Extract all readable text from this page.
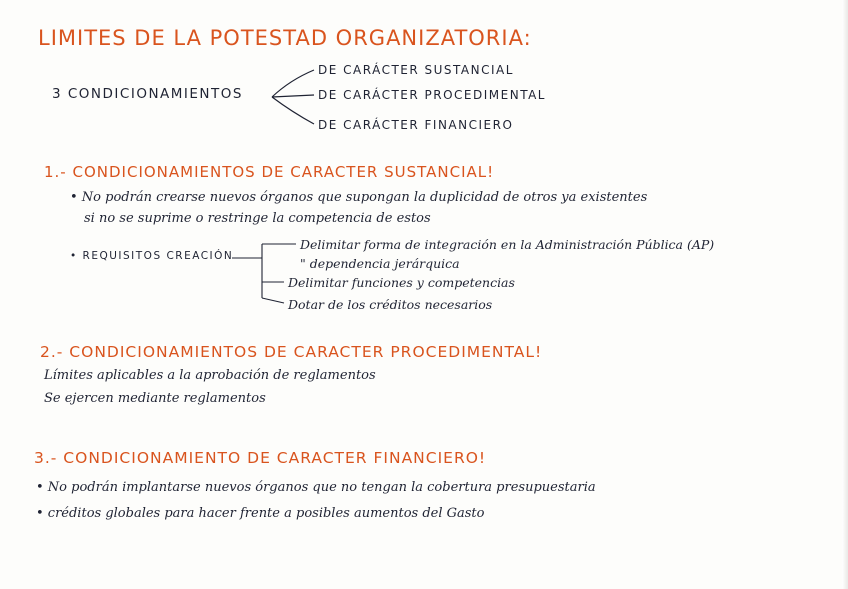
LIMITES DE LA POTESTAD ORGANIZATORIA:
3 CONDICIONAMIENTOS
DE CARÁCTER SUSTANCIAL
DE CARÁCTER PROCEDIMENTAL
DE CARÁCTER FINANCIERO
1.- CONDICIONAMIENTOS DE CARACTER SUSTANCIAL!
• No podrán crearse nuevos órganos que supongan la duplicidad de otros ya existentes
si no se suprime o restringe la competencia de estos
• REQUISITOS CREACIÓN
Delimitar forma de integración en la Administración Pública (AP)
" dependencia jerárquica
Delimitar funciones y competencias
Dotar de los créditos necesarios
2.- CONDICIONAMIENTOS DE CARACTER PROCEDIMENTAL!
Límites aplicables a la aprobación de reglamentos
Se ejercen mediante reglamentos
3.- CONDICIONAMIENTO DE CARACTER FINANCIERO!
• No podrán implantarse nuevos órganos que no tengan la cobertura presupuestaria
• créditos globales para hacer frente a posibles aumentos del Gasto
